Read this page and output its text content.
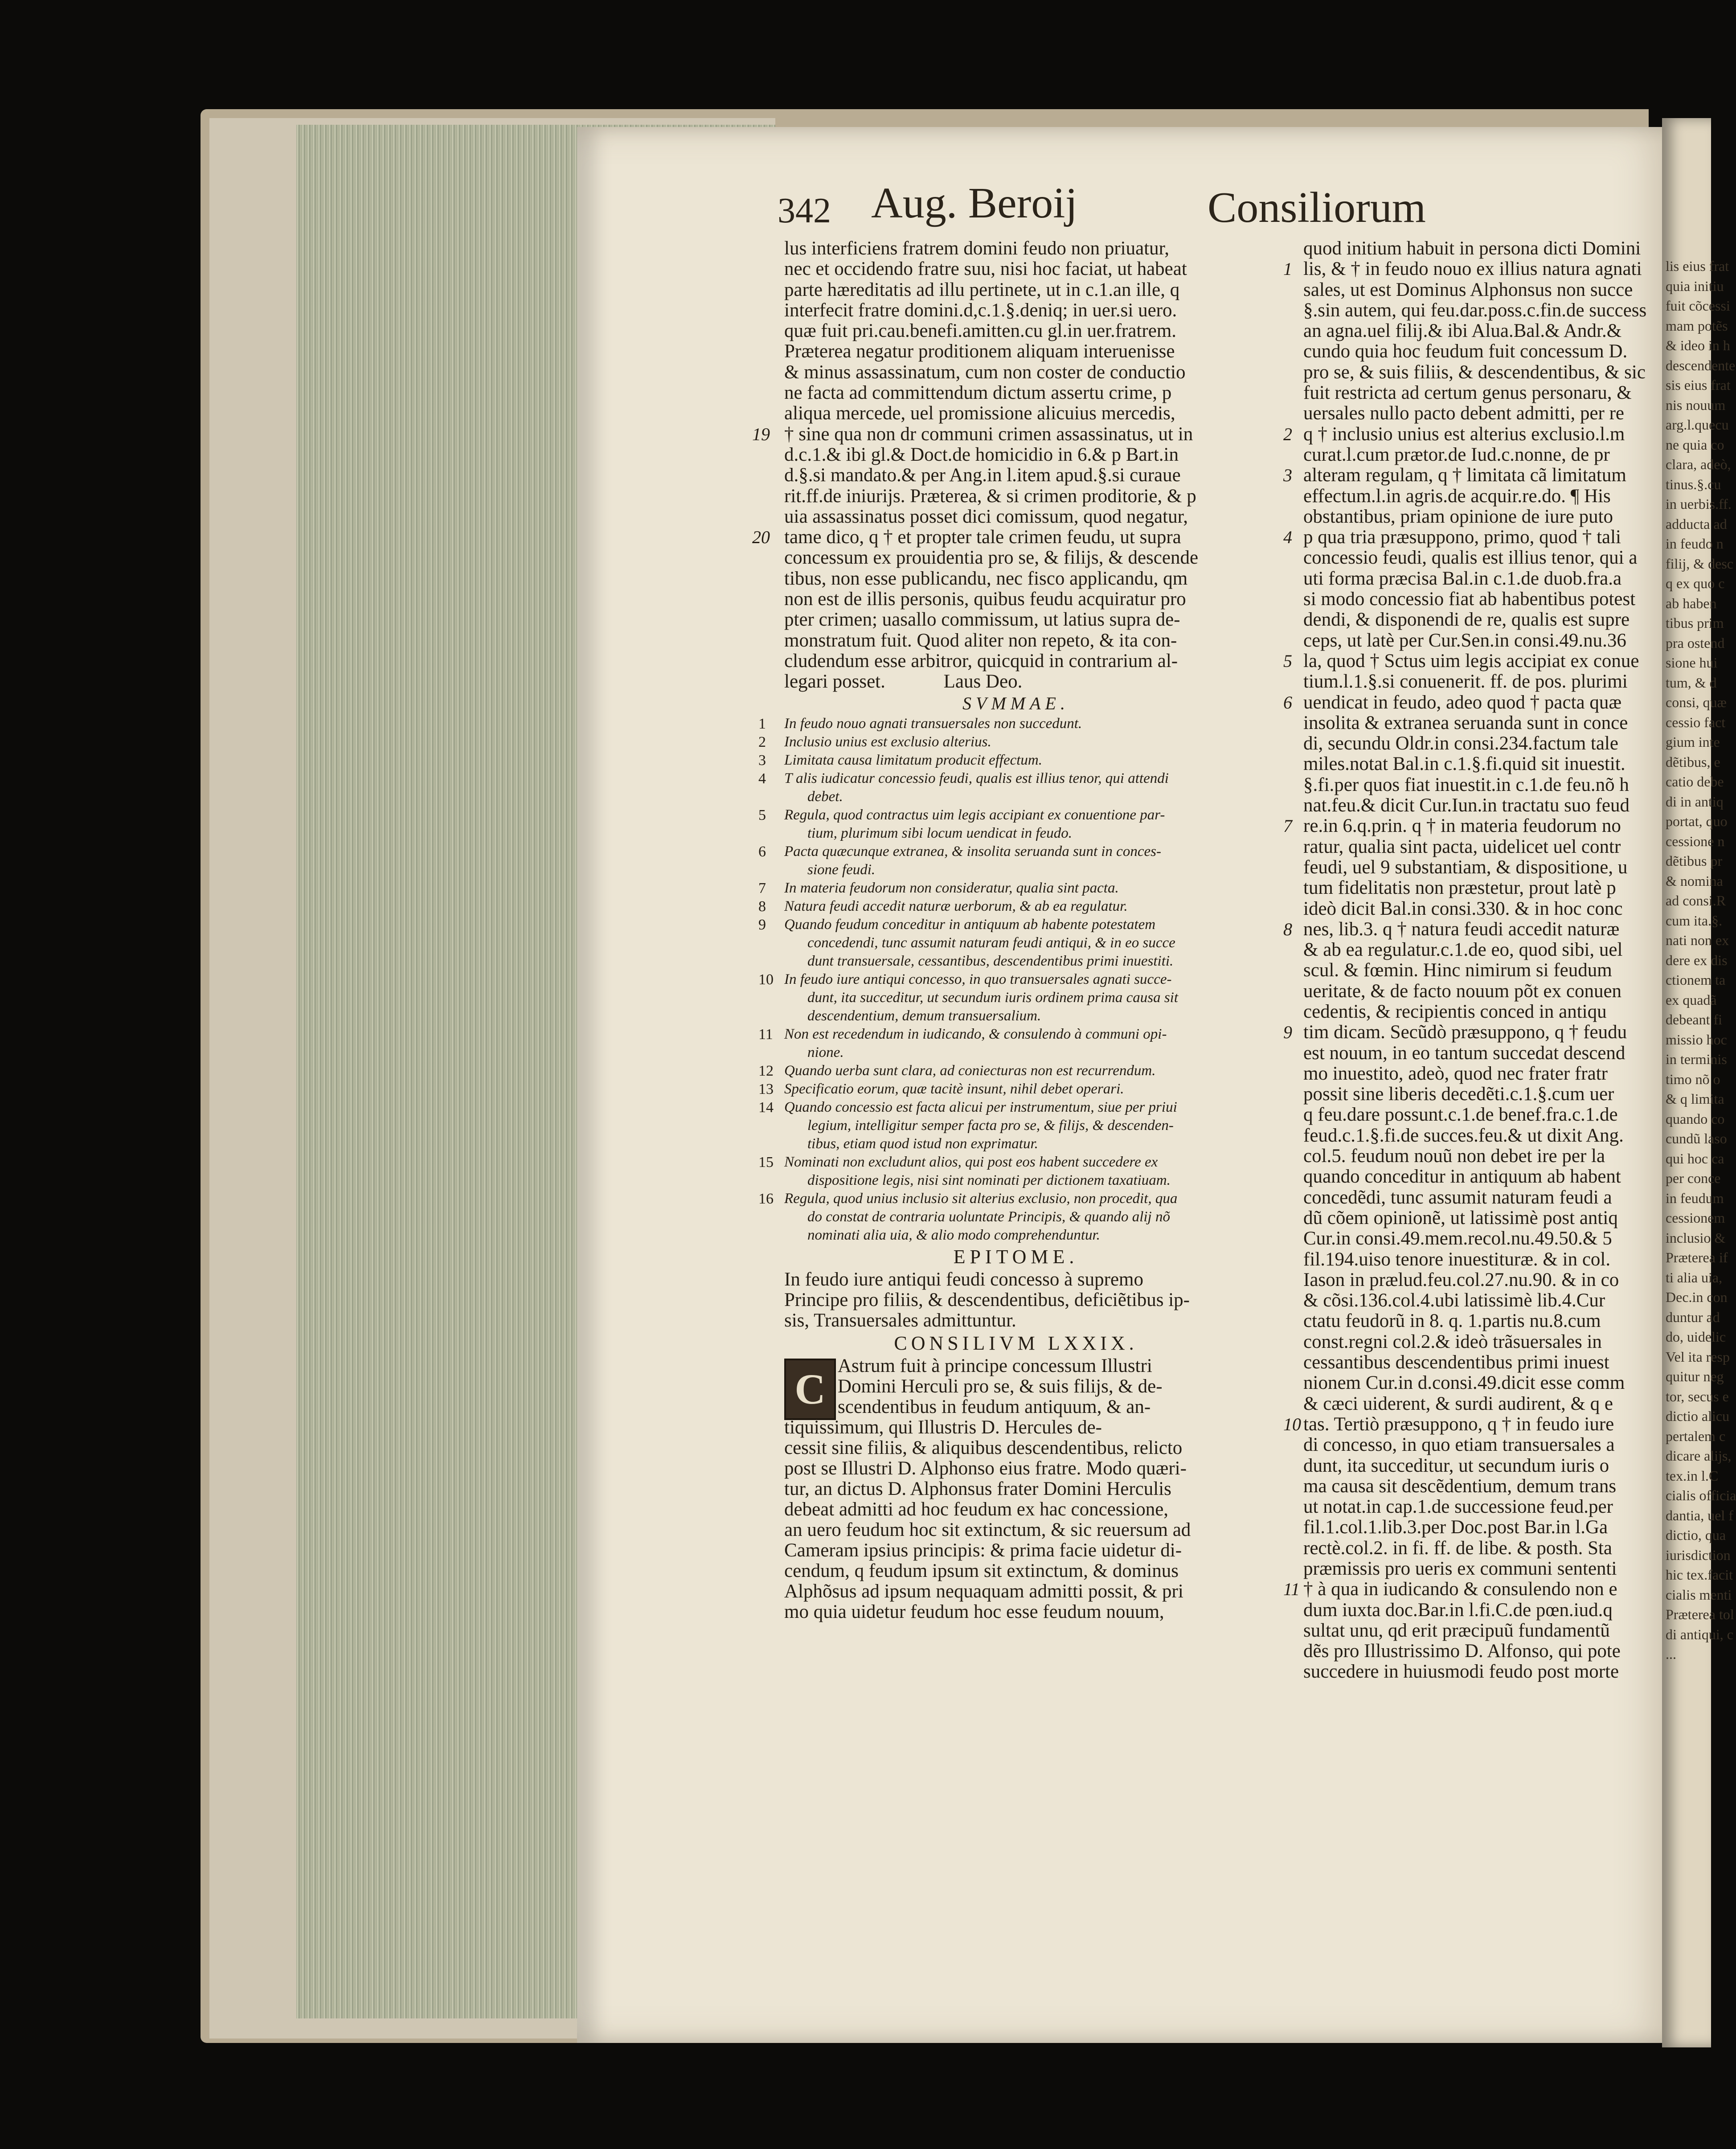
lis eius frat
quia initiu
fuit cõcessi
mam potẽs
& ideo in h
descendente
sis eius frat
nis nouum
arg.l.quecu
ne quia co
clara, adeò,
tinus.§.cu
in uerbis.ff.
adducta ad
in feudo n
filij, & desc
q ex quo c
ab haben
tibus prim
pra ostend
sione hui
tum, & d
consi, quæ
cessio fact
gium inte
dẽtibus, e
catio debe
di in antiq
portat, quo
cessione n
dẽtibus pr
& nomina
ad consi.R
cum ita.§.
nati non ex
dere ex dis
ctionem ta
ex quadã
debeant fi
missio hoc
in terminis
timo nõ o
& q limita
quando co
cundũ laso
qui hoc ca
per conce
in feudum
cessionem
inclusio &
Præterea if
ti alia uia,
Dec.in con
duntur ad
do, uidelic
Vel ita resp
quitur neg
tor, secus e
dictio alicu
pertalem c
dicare alijs,
tex.in l.C
cialis officia
dantia, uel f
dictio, qua
iurisdiction
hic tex.facit
cialis menti
Præterea tol
di antiqui, c
...
342 Aug. Beroij	Consiliorum
lus interficiens fratrem domini feudo non priuatur,
nec et occidendo fratre suu, nisi hoc faciat, ut habeat
parte hæreditatis ad illu pertinete, ut in c.1.an ille, q
interfecit fratre domini.d,c.1.§.deniq; in uer.si uero.
quæ fuit pri.cau.benefi.amitten.cu gl.in uer.fratrem.
Præterea negatur proditionem aliquam interuenisse
& minus assassinatum, cum non coster de conductio
ne facta ad committendum dictum assertu crime, p
aliqua mercede, uel promissione alicuius mercedis,
19 † sine qua non dr communi crimen assassinatus, ut in
d.c.1.& ibi gl.& Doct.de homicidio in 6.& p Bart.in
d.§.si mandato.& per Ang.in l.item apud.§.si curaue
rit.ff.de iniurijs. Præterea, & si crimen proditorie, & p
uia assassinatus posset dici comissum, quod negatur,
20 tame dico, q † et propter tale crimen feudu, ut supra
concessum ex prouidentia pro se, & filijs, & descende
tibus, non esse publicandu, nec fisco applicandu, qm
non est de illis personis, quibus feudu acquiratur pro
pter crimen; uasallo commissum, ut latius supra de-
monstratum fuit. Quod aliter non repeto, & ita con-
cludendum esse arbitror, quicquid in contrarium al-
legari posset.	Laus Deo.
SVMMAE.
1 In feudo nouo agnati transuersales non succedunt.
2 Inclusio unius est exclusio alterius.
3 Limitata causa limitatum producit effectum.
4 T alis iudicatur concessio feudi, qualis est illius tenor, qui attendi
debet.
5 Regula, quod contractus uim legis accipiant ex conuentione par-
tium, plurimum sibi locum uendicat in feudo.
6 Pacta quæcunque extranea, & insolita seruanda sunt in conces-
sione feudi.
7 In materia feudorum non consideratur, qualia sint pacta.
8 Natura feudi accedit naturæ uerborum, & ab ea regulatur.
9 Quando feudum conceditur in antiquum ab habente potestatem
concedendi, tunc assumit naturam feudi antiqui, & in eo succe
dunt transuersale, cessantibus, descendentibus primi inuestiti.
10 In feudo iure antiqui concesso, in quo transuersales agnati succe-
dunt, ita succeditur, ut secundum iuris ordinem prima causa sit
descendentium, demum transuersalium.
11 Non est recedendum in iudicando, & consulendo à communi opi-
nione.
12 Quando uerba sunt clara, ad coniecturas non est recurrendum.
13 Specificatio eorum, quæ tacitè insunt, nihil debet operari.
14 Quando concessio est facta alicui per instrumentum, siue per priui
legium, intelligitur semper facta pro se, & filijs, & descenden-
tibus, etiam quod istud non exprimatur.
15 Nominati non excludunt alios, qui post eos habent succedere ex
dispositione legis, nisi sint nominati per dictionem taxatiuam.
16 Regula, quod unius inclusio sit alterius exclusio, non procedit, qua
do constat de contraria uoluntate Principis, & quando alij nõ
nominati alia uia, & alio modo comprehenduntur.
EPITOME.
In feudo iure antiqui feudi concesso à supremo
Principe pro filiis, & descendentibus, deficiẽtibus ip-
sis, Transuersales admittuntur.
CONSILIVM LXXIX.
C Astrum fuit à principe concessum Illustri
Domini Herculi pro se, & suis filijs, & de-
scendentibus in feudum antiquum, & an-
tiquissimum, qui Illustris D. Hercules de-
cessit sine filiis, & aliquibus descendentibus, relicto
post se Illustri D. Alphonso eius fratre. Modo quæri-
tur, an dictus D. Alphonsus frater Domini Herculis
debeat admitti ad hoc feudum ex hac concessione,
an uero feudum hoc sit extinctum, & sic reuersum ad
Cameram ipsius principis: & prima facie uidetur di-
cendum, q feudum ipsum sit extinctum, & dominus
Alphõsus ad ipsum nequaquam admitti possit, & pri
mo quia uidetur feudum hoc esse feudum nouum,
quod initium habuit in persona dicti Domini
1 lis, & † in feudo nouo ex illius natura agnati
sales, ut est Dominus Alphonsus non succe
§.sin autem, qui feu.dar.poss.c.fin.de success
an agna.uel filij.& ibi Alua.Bal.& Andr.&
cundo quia hoc feudum fuit concessum D.
pro se, & suis filiis, & descendentibus, & sic
fuit restricta ad certum genus personaru, &
uersales nullo pacto debent admitti, per re
2 q † inclusio unius est alterius exclusio.l.m
curat.l.cum prætor.de Iud.c.nonne, de pr
3 alteram regulam, q † limitata cã limitatum
effectum.l.in agris.de acquir.re.do. ¶ His
obstantibus, priam opinione de iure puto
4 p qua tria præsuppono, primo, quod † tali
concessio feudi, qualis est illius tenor, qui a
uti forma præcisa Bal.in c.1.de duob.fra.a
si modo concessio fiat ab habentibus potest
dendi, & disponendi de re, qualis est supre
ceps, ut latè per Cur.Sen.in consi.49.nu.36
5 la, quod † Sctus uim legis accipiat ex conue
tium.l.1.§.si conuenerit. ff. de pos. plurimi
6 uendicat in feudo, adeo quod † pacta quæ
insolita & extranea seruanda sunt in conce
di, secundu Oldr.in consi.234.factum tale
miles.notat Bal.in c.1.§.fi.quid sit inuestit.
§.fi.per quos fiat inuestit.in c.1.de feu.nõ h
nat.feu.& dicit Cur.Iun.in tractatu suo feud
7 re.in 6.q.prin. q † in materia feudorum no
ratur, qualia sint pacta, uidelicet uel contr
feudi, uel 9 substantiam, & dispositione, u
tum fidelitatis non præstetur, prout latè p
ideò dicit Bal.in consi.330. & in hoc conc
8 nes, lib.3. q † natura feudi accedit naturæ
& ab ea regulatur.c.1.de eo, quod sibi, uel
scul. & fœmin. Hinc nimirum si feudum
ueritate, & de facto nouum põt ex conuen
cedentis, & recipientis conced in antiqu
9 tim dicam. Secũdò præsuppono, q † feudu
est nouum, in eo tantum succedat descend
mo inuestito, adeò, quod nec frater fratr
possit sine liberis decedẽti.c.1.§.cum uer
q feu.dare possunt.c.1.de benef.fra.c.1.de
feud.c.1.§.fi.de succes.feu.& ut dixit Ang.
col.5. feudum nouũ non debet ire per la
quando conceditur in antiquum ab habent
concedẽdi, tunc assumit naturam feudi a
dũ cõem opinionẽ, ut latissimè post antiq
Cur.in consi.49.mem.recol.nu.49.50.& 5
fil.194.uiso tenore inuestituræ. & in col.
Iason in prælud.feu.col.27.nu.90. & in co
& cõsi.136.col.4.ubi latissimè lib.4.Cur
ctatu feudorũ in 8. q. 1.partis nu.8.cum
const.regni col.2.& ideò trãsuersales in
cessantibus descendentibus primi inuest
nionem Cur.in d.consi.49.dicit esse comm
& cæci uiderent, & surdi audirent, & q e
10 tas. Tertiò præsuppono, q † in feudo iure
di concesso, in quo etiam transuersales a
dunt, ita succeditur, ut secundum iuris o
ma causa sit descẽdentium, demum trans
ut notat.in cap.1.de successione feud.per
fil.1.col.1.lib.3.per Doc.post Bar.in l.Ga
rectè.col.2. in fi. ff. de libe. & posth. Sta
præmissis pro ueris ex communi sententi
11 † à qua in iudicando & consulendo non e
dum iuxta doc.Bar.in l.fi.C.de pœn.iud.q
sultat unu, qd erit præcipuũ fundamentũ
dẽs pro Illustrissimo D. Alfonso, qui pote
succedere in huiusmodi feudo post morte
